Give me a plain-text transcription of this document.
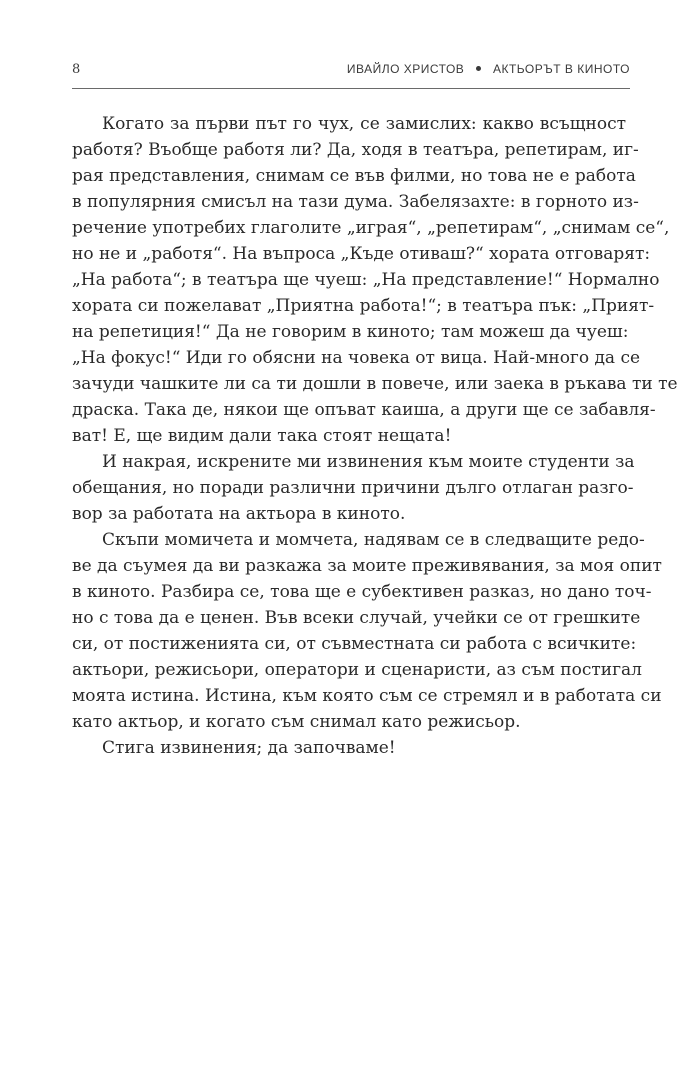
8	ИВАЙЛО ХРИСТОВ АКТЬОРЪТ В КИНОТО
Когато за първи път го чух, се замислих: какво всъщност
работя? Въобще работя ли? Да, ходя в театъра, репетирам, иг-
рая представления, снимам се във филми, но това не е работа
в популярния смисъл на тази дума. Забелязахте: в горното из-
речение употребих глаголите „играя“, „репетирам“, „снимам се“,
но не и „работя“. На въпроса „Къде отиваш?“ хората отговарят:
„На работа“; в театъра ще чуеш: „На представление!“ Нормално
хората си пожелават „Приятна работа!“; в театъра пък: „Прият-
на репетиция!“ Да не говорим в киното; там можеш да чуеш:
„На фокус!“ Иди го обясни на човека от вица. Най-много да се
зачуди чашките ли са ти дошли в повече, или заека в ръкава ти те
драска. Така де, някои ще опъват каиша, а други ще се забавля-
ват! Е, ще видим дали така стоят нещата!
И накрая, искрените ми извинения към моите студенти за
обещания, но поради различни причини дълго отлаган разго-
вор за работата на актьора в киното.
Скъпи момичета и момчета, надявам се в следващите редо-
ве да съумея да ви разкажа за моите преживявания, за моя опит
в киното. Разбира се, това ще е субективен разказ, но дано точ-
но с това да е ценен. Във всеки случай, учейки се от грешките
си, от постиженията си, от съвместната си работа с всичките:
актьори, режисьори, оператори и сценаристи, аз съм постигал
моята истина. Истина, към която съм се стремял и в работата си
като актьор, и когато съм снимал като режисьор.
Стига извинения; да започваме!
